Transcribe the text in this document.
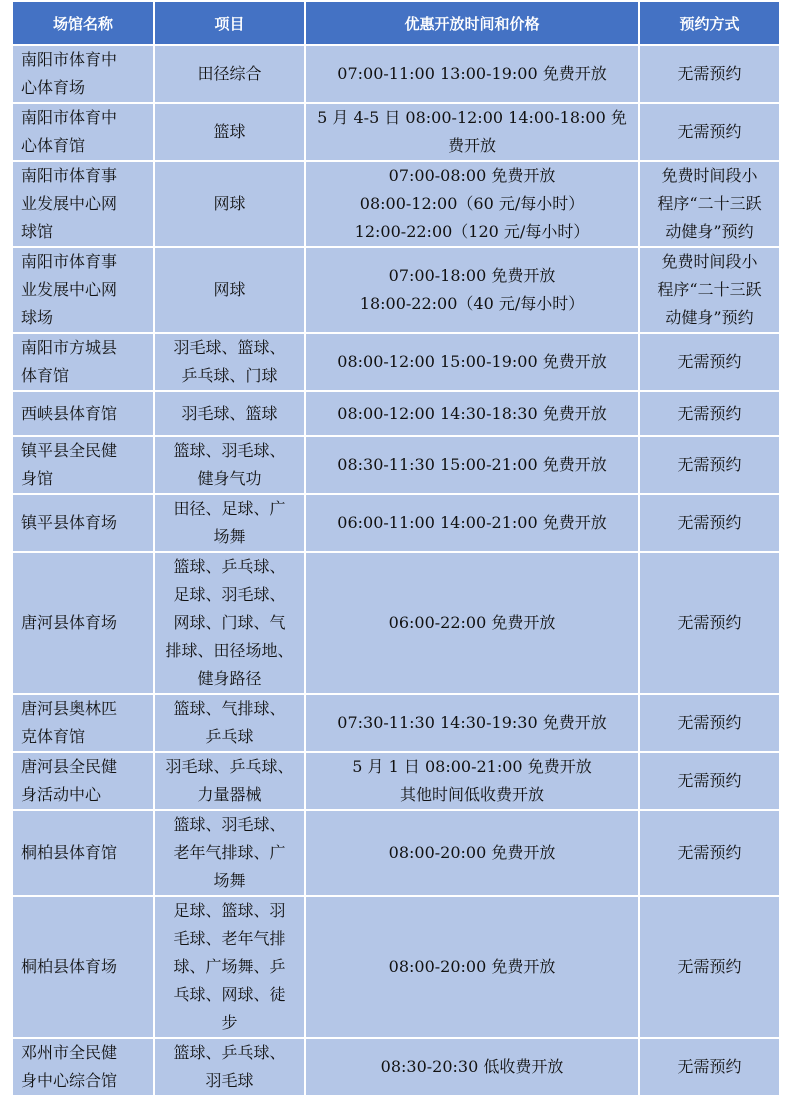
场馆名称	项目	优惠开放时间和价格	预约方式
南阳市体育中
心体育场	田径综合	07:00-11:00 13:00-19:00 免费开放	无需预约
南阳市体育中
心体育馆	篮球	5 月 4-5 日 08:00-12:00 14:00-18:00 免
费开放	无需预约
南阳市体育事
业发展中心网
球馆	网球	07:00-08:00 免费开放
08:00-12:00（60 元/每小时）
12:00-22:00（120 元/每小时）	免费时间段小
程序“二十三跃
动健身”预约
南阳市体育事
业发展中心网
球场	网球	07:00-18:00 免费开放
18:00-22:00（40 元/每小时）	免费时间段小
程序“二十三跃
动健身”预约
南阳市方城县
体育馆	羽毛球、篮球、
乒乓球、门球	08:00-12:00 15:00-19:00 免费开放	无需预约
西峡县体育馆	羽毛球、篮球	08:00-12:00 14:30-18:30 免费开放	无需预约
镇平县全民健
身馆	篮球、羽毛球、
健身气功	08:30-11:30 15:00-21:00 免费开放	无需预约
镇平县体育场	田径、足球、广
场舞	06:00-11:00 14:00-21:00 免费开放	无需预约
唐河县体育场	篮球、乒乓球、
足球、羽毛球、
网球、门球、气
排球、田径场地、
健身路径	06:00-22:00 免费开放	无需预约
唐河县奥林匹
克体育馆	篮球、气排球、
乒乓球	07:30-11:30 14:30-19:30 免费开放	无需预约
唐河县全民健
身活动中心	羽毛球、乒乓球、
力量器械	5 月 1 日 08:00-21:00 免费开放
其他时间低收费开放	无需预约
桐柏县体育馆	篮球、羽毛球、
老年气排球、广
场舞	08:00-20:00 免费开放	无需预约
桐柏县体育场	足球、篮球、羽
毛球、老年气排
球、广场舞、乒
乓球、网球、徒
步	08:00-20:00 免费开放	无需预约
邓州市全民健
身中心综合馆	篮球、乒乓球、
羽毛球	08:30-20:30 低收费开放	无需预约
